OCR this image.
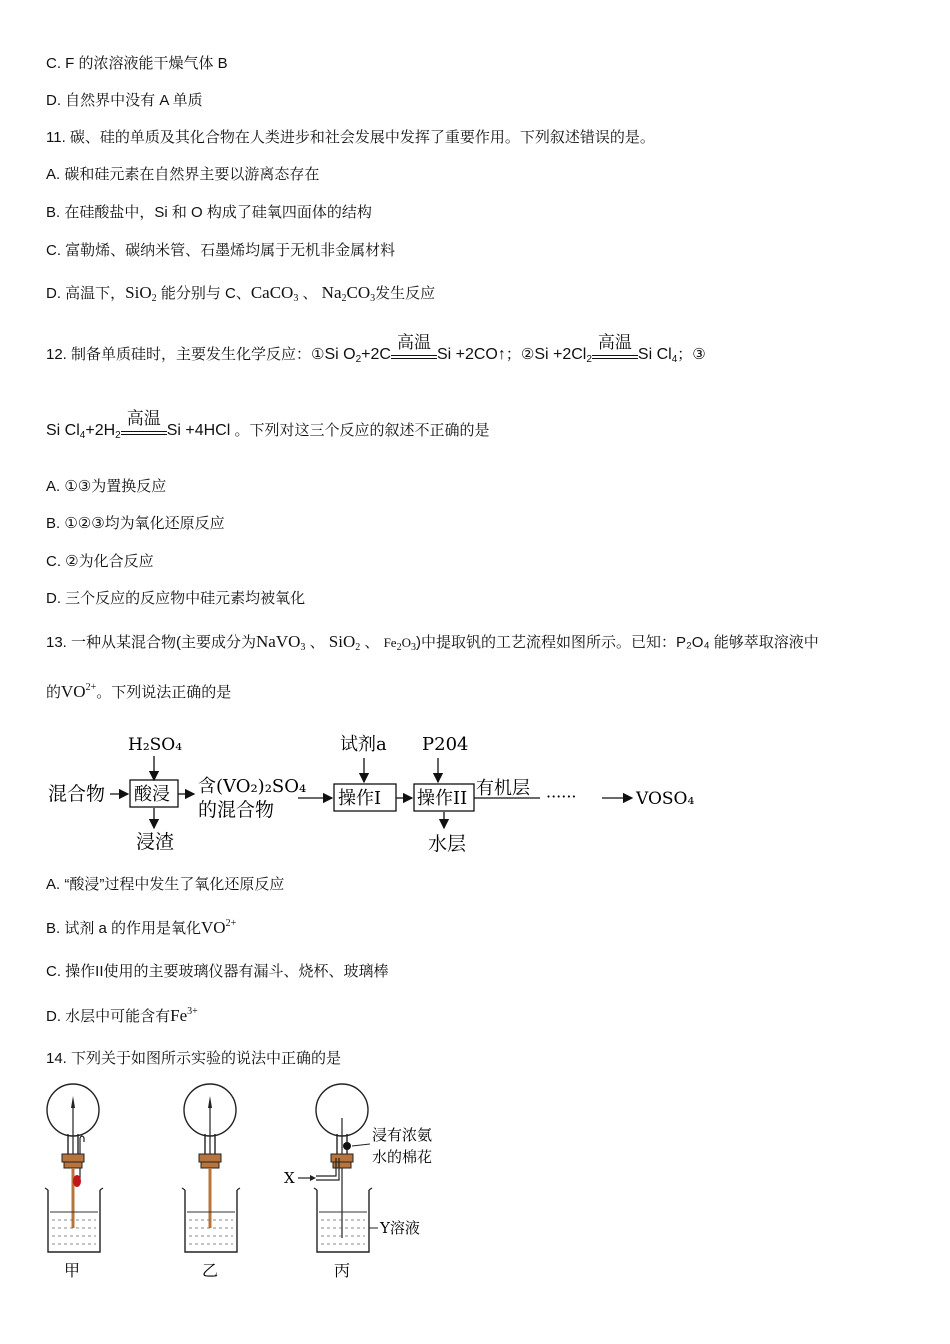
C. F 的浓溶液能干燥气体 B
D. 自然界中没有 A 单质
11. 碳、硅的单质及其化合物在人类进步和社会发展中发挥了重要作用。下列叙述错误的是。
A. 碳和硅元素在自然界主要以游离态存在
B. 在硅酸盐中，Si 和 O 构成了硅氧四面体的结构
C. 富勒烯、碳纳米管、石墨烯均属于无机非金属材料
D. 高温下，SiO$_2$ 能分别与 C、CaCO$_3$ 、 $Na_2CO_3$发生反应
12. 制备单质硅时，主要发生化学反应：①Si $O_2+2C$
高温
Si +2CO↑；②Si $+2Cl_2$
高温
Si $Cl_4$；③
Si $Cl_4+2H_2$
高温
Si +4HCl 。下列对这三个反应的叙述不正确的是
A. ①③为置换反应
B. ①②③均为氧化还原反应
C. ②为化合反应
D. 三个反应的反应物中硅元素均被氧化
13. 一种从某混合物(主要成分为NaVO$_3$ 、 SiO$_2$ 、 $Fe_2O_3$)中提取钒的工艺流程如图所示。已知：P₂O₄ 能够萃取溶液中
的$VO^{2+}$。下列说法正确的是
H₂SO₄
混合物 酸浸
浸渣
含(VO₂)₂SO₄
的混合物
试剂a
操作I
P204
操作II
水层
有机层 ······	VOSO₄
A. “酸浸”过程中发生了氧化还原反应
B. 试剂 a 的作用是氧化$VO^{2+}$
C. 操作II使用的主要玻璃仪器有漏斗、烧杯、玻璃棒
D. 水层中可能含有$Fe^{3+}$
14. 下列关于如图所示实验的说法中正确的是
甲	乙
X
浸有浓氨
水的棉花
Y溶液
丙
